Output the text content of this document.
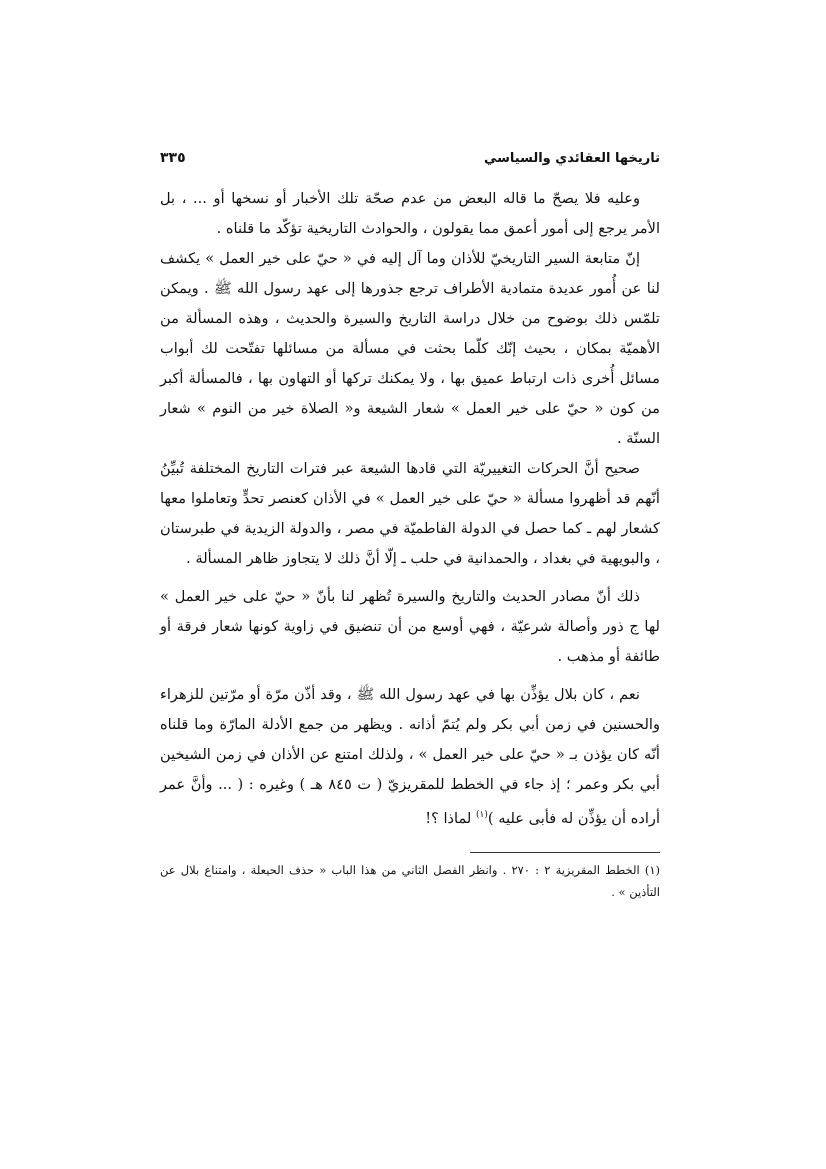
تاريخها العقائدي والسياسي
٣٣٥

وعليه فلا يصحّ ما قاله البعض من عدم صحّة تلك الأخبار أو نسخها أو ... ، بل الأمر يرجع إلى أمور أعمق مما يقولون ، والحوادث التاريخية تؤكّد ما قلناه .

إنّ متابعة السير التاريخيّ للأذان وما آل إليه في « حيّ على خير العمل » يكشف لنا عن أُمور عديدة متمادية الأطراف ترجع جذورها إلى عهد رسول الله ﷺ . ويمكن تلمّس ذلك بوضوح من خلال دراسة التاريخ والسيرة والحديث ، وهذه المسألة من الأهميّة بمكان ، بحيث إنّك كلّما بحثت في مسألة من مسائلها تفتّحت لك أبواب مسائل أُخرى ذات ارتباط عميق بها ، ولا يمكنك تركها أو التهاون بها ، فالمسألة أكبر من كون « حيّ على خير العمل » شعار الشيعة و« الصلاة خير من النوم » شعار السنّة .

صحيح أنَّ الحركات التغييريّة التي قادها الشيعة عبر فترات التاريخ المختلفة تُبيِّنُ أنّهم قد أظهروا مسألة « حيّ على خير العمل » في الأذان كعنصر تحدٍّ وتعاملوا معها كشعار لهم ـ كما حصل في الدولة الفاطميّة في مصر ، والدولة الزيدية في طبرستان ، والبويهية في بغداد ، والحمدانية في حلب ـ إلّا أنَّ ذلك لا يتجاوز ظاهر المسألة .

ذلك أنّ مصادر الحديث والتاريخ والسيرة تُظهر لنا بأنّ « حيّ على خير العمل » لها ج ذور وأصالة شرعيّة ، فهي أوسع من أن تنضيق في زاوية كونها شعار فرقة أو طائفة أو مذهب .

نعم ، كان بلال يؤذِّن بها في عهد رسول الله ﷺ ، وقد أذّن مرّة أو مرّتين للزهراء والحسنين في زمن أبي بكر ولم يُتمّ أذانه . ويظهر من جمع الأدلة المارّة وما قلناه أنّه كان يؤذن بـ « حيّ على خير العمل » ، ولذلك امتنع عن الأذان في زمن الشيخين أبي بكر وعمر ؛ إذ جاء في الخطط للمقريزيّ ( ت ٨٤٥ هـ ) وغيره : ( ... وأنَّ عمر أراده أن يؤذِّن له فأبى عليه )$^{(١)}$ لماذا ؟!

(١) الخطط المقريزية ٢ : ٢٧٠ . وانظر الفصل الثاني من هذا الباب « حذف الحيعلة ، وامتناع بلال عن التأذين » .
